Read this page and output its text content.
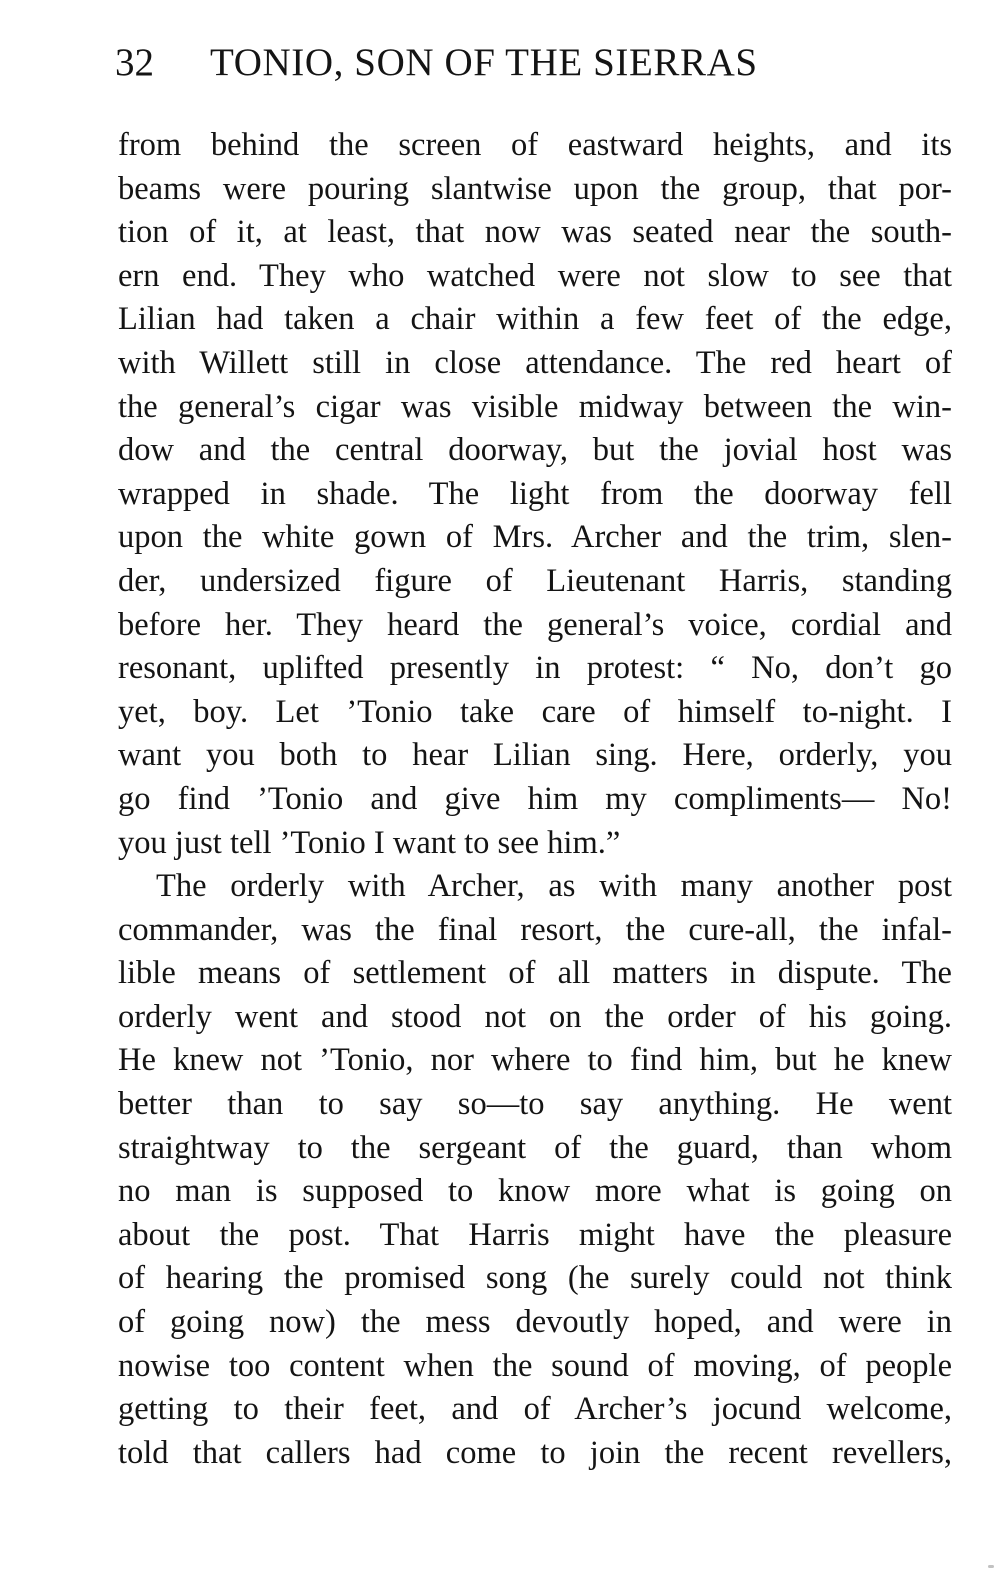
32 TONIO, SON OF THE SIERRAS
from behind the screen of eastward heights, and its
beams were pouring slantwise upon the group, that por-
tion of it, at least, that now was seated near the south-
ern end. They who watched were not slow to see that
Lilian had taken a chair within a few feet of the edge,
with Willett still in close attendance. The red heart of
the general’s cigar was visible midway between the win-
dow and the central doorway, but the jovial host was
wrapped in shade. The light from the doorway fell
upon the white gown of Mrs. Archer and the trim, slen-
der, undersized figure of Lieutenant Harris, standing
before her. They heard the general’s voice, cordial and
resonant, uplifted presently in protest: “ No, don’t go
yet, boy. Let ’Tonio take care of himself to-night. I
want you both to hear Lilian sing. Here, orderly, you
go find ’Tonio and give him my compliments— No!
you just tell ’Tonio I want to see him.”
The orderly with Archer, as with many another post
commander, was the final resort, the cure-all, the infal-
lible means of settlement of all matters in dispute. The
orderly went and stood not on the order of his going.
He knew not ’Tonio, nor where to find him, but he knew
better than to say so—to say anything. He went
straightway to the sergeant of the guard, than whom
no man is supposed to know more what is going on
about the post. That Harris might have the pleasure
of hearing the promised song (he surely could not think
of going now) the mess devoutly hoped, and were in
nowise too content when the sound of moving, of people
getting to their feet, and of Archer’s jocund welcome,
told that callers had come to join the recent revellers,
